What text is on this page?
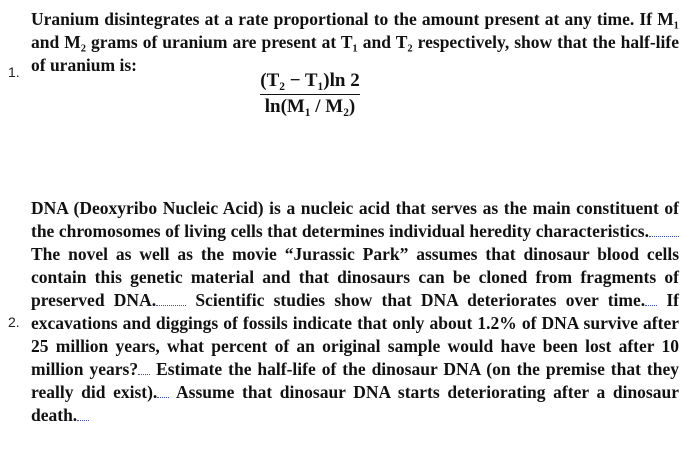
1.
Uranium disintegrates at a rate proportional to the amount present at any time. If M₁ and M₂ grams of uranium are present at T₁ and T₂ respectively, show that the half-life of uranium is:
$\frac{\text{(T₂ − T₁)ln 2}}{\text{ln(M₁ / M₂)}}$
2.
DNA (Deoxyribo Nucleic Acid) is a nucleic acid that serves as the main constituent of the chromosomes of living cells that determines individual heredity characteristics. The novel as well as the movie “Jurassic Park” assumes that dinosaur blood cells contain this genetic material and that dinosaurs can be cloned from fragments of preserved DNA. Scientific studies show that DNA deteriorates over time. If excavations and diggings of fossils indicate that only about 1.2% of DNA survive after 25 million years, what percent of an original sample would have been lost after 10 million years? Estimate the half-life of the dinosaur DNA (on the premise that they really did exist). Assume that dinosaur DNA starts deteriorating after a dinosaur death.
